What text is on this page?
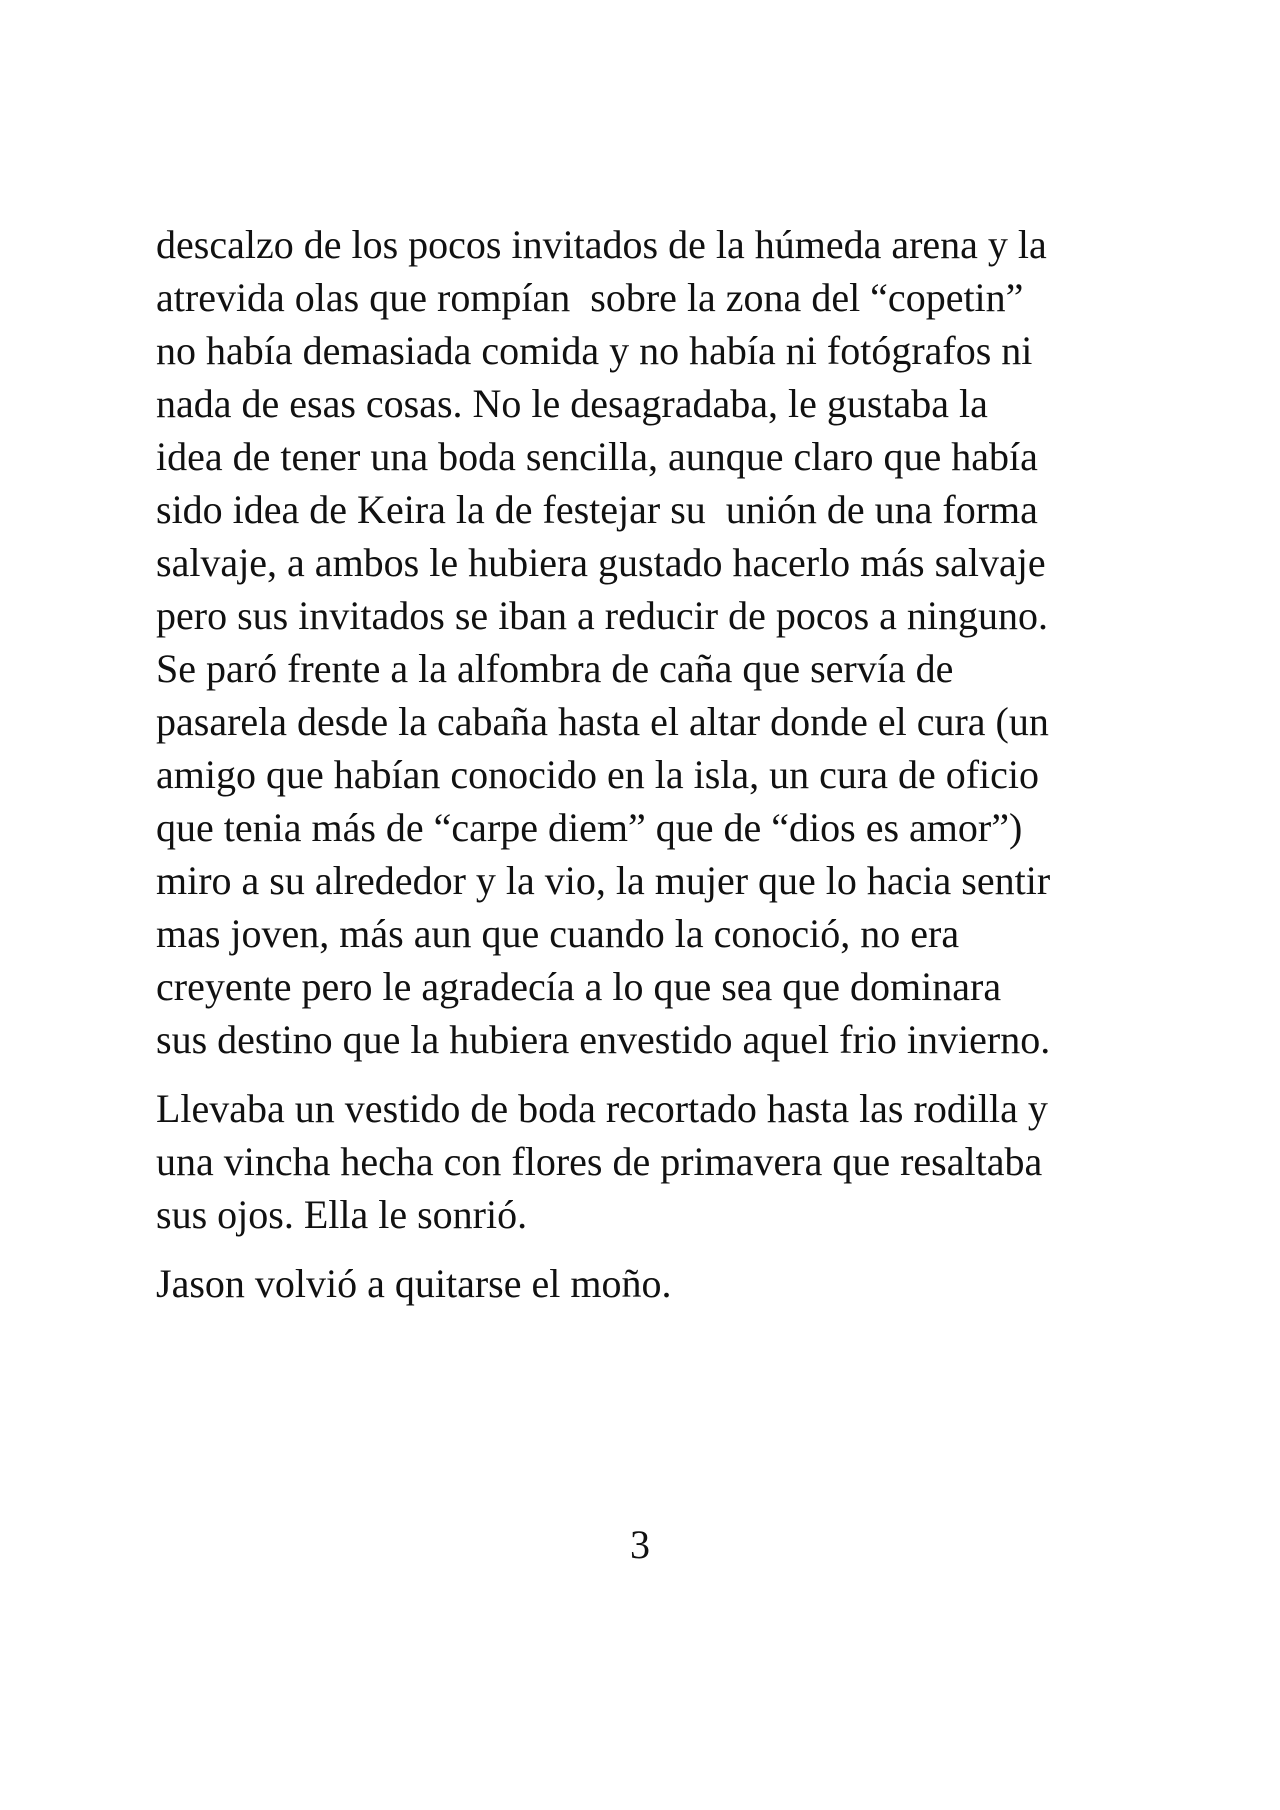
descalzo de los pocos invitados de la húmeda arena y la
atrevida olas que rompían  sobre la zona del “copetin”
no había demasiada comida y no había ni fotógrafos ni
nada de esas cosas. No le desagradaba, le gustaba la
idea de tener una boda sencilla, aunque claro que había
sido idea de Keira la de festejar su  unión de una forma
salvaje, a ambos le hubiera gustado hacerlo más salvaje
pero sus invitados se iban a reducir de pocos a ninguno.
Se paró frente a la alfombra de caña que servía de
pasarela desde la cabaña hasta el altar donde el cura (un
amigo que habían conocido en la isla, un cura de oficio
que tenia más de “carpe diem” que de “dios es amor”)
miro a su alrededor y la vio, la mujer que lo hacia sentir
mas joven, más aun que cuando la conoció, no era
creyente pero le agradecía a lo que sea que dominara
sus destino que la hubiera envestido aquel frio invierno.
Llevaba un vestido de boda recortado hasta las rodilla y
una vincha hecha con flores de primavera que resaltaba
sus ojos. Ella le sonrió.
Jason volvió a quitarse el moño.
3
